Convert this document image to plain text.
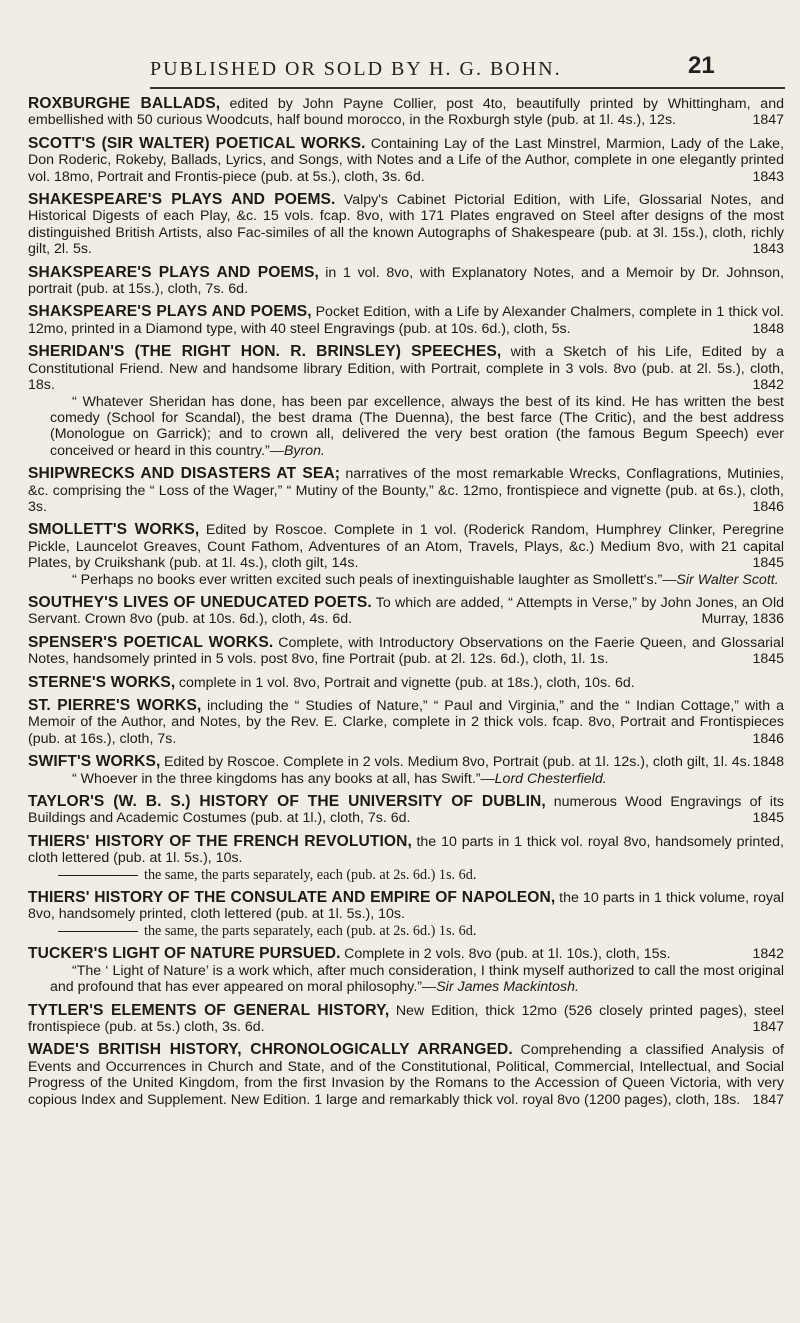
PUBLISHED OR SOLD BY H. G. BOHN.	21
ROXBURGHE BALLADS, edited by John Payne Collier, post 4to, beautifully printed by Whittingham, and embellished with 50 curious Woodcuts, half bound morocco, in the Roxburgh style (pub. at 1l. 4s.), 12s.	1847
SCOTT'S (SIR WALTER) POETICAL WORKS. Containing Lay of the Last Minstrel, Marmion, Lady of the Lake, Don Roderic, Rokeby, Ballads, Lyrics, and Songs, with Notes and a Life of the Author, complete in one elegantly printed vol. 18mo, Portrait and Frontis-piece (pub. at 5s.), cloth, 3s. 6d.	1843
SHAKESPEARE'S PLAYS AND POEMS. Valpy's Cabinet Pictorial Edition, with Life, Glossarial Notes, and Historical Digests of each Play, &c. 15 vols. fcap. 8vo, with 171 Plates engraved on Steel after designs of the most distinguished British Artists, also Fac-similes of all the known Autographs of Shakespeare (pub. at 3l. 15s.), cloth, richly gilt, 2l. 5s.	1843
SHAKSPEARE'S PLAYS AND POEMS, in 1 vol. 8vo, with Explanatory Notes, and a Memoir by Dr. Johnson, portrait (pub. at 15s.), cloth, 7s. 6d.
SHAKSPEARE'S PLAYS AND POEMS, Pocket Edition, with a Life by Alexander Chalmers, complete in 1 thick vol. 12mo, printed in a Diamond type, with 40 steel Engravings (pub. at 10s. 6d.), cloth, 5s.	1848
SHERIDAN'S (THE RIGHT HON. R. BRINSLEY) SPEECHES, with a Sketch of his Life, Edited by a Constitutional Friend. New and handsome library Edition, with Portrait, complete in 3 vols. 8vo (pub. at 2l. 5s.), cloth, 18s.	1842
“ Whatever Sheridan has done, has been par excellence, always the best of its kind. He has written the best comedy (School for Scandal), the best drama (The Duenna), the best farce (The Critic), and the best address (Monologue on Garrick); and to crown all, delivered the very best oration (the famous Begum Speech) ever conceived or heard in this country.”—Byron.
SHIPWRECKS AND DISASTERS AT SEA; narratives of the most remarkable Wrecks, Conflagrations, Mutinies, &c. comprising the “ Loss of the Wager,” “ Mutiny of the Bounty,” &c. 12mo, frontispiece and vignette (pub. at 6s.), cloth, 3s.	1846
SMOLLETT'S WORKS, Edited by Roscoe. Complete in 1 vol. (Roderick Random, Humphrey Clinker, Peregrine Pickle, Launcelot Greaves, Count Fathom, Adventures of an Atom, Travels, Plays, &c.) Medium 8vo, with 21 capital Plates, by Cruikshank (pub. at 1l. 4s.), cloth gilt, 14s.	1845
“ Perhaps no books ever written excited such peals of inextinguishable laughter as Smollett's.”—Sir Walter Scott.
SOUTHEY'S LIVES OF UNEDUCATED POETS. To which are added, “ Attempts in Verse,” by John Jones, an Old Servant. Crown 8vo (pub. at 10s. 6d.), cloth, 4s. 6d.	Murray, 1836
SPENSER'S POETICAL WORKS. Complete, with Introductory Observations on the Faerie Queen, and Glossarial Notes, handsomely printed in 5 vols. post 8vo, fine Portrait (pub. at 2l. 12s. 6d.), cloth, 1l. 1s.	1845
STERNE'S WORKS, complete in 1 vol. 8vo, Portrait and vignette (pub. at 18s.), cloth, 10s. 6d.
ST. PIERRE'S WORKS, including the “ Studies of Nature,” “ Paul and Virginia,” and the “ Indian Cottage,” with a Memoir of the Author, and Notes, by the Rev. E. Clarke, complete in 2 thick vols. fcap. 8vo, Portrait and Frontispieces (pub. at 16s.), cloth, 7s.	1846
SWIFT'S WORKS, Edited by Roscoe. Complete in 2 vols. Medium 8vo, Portrait (pub. at 1l. 12s.), cloth gilt, 1l. 4s. 1848
“ Whoever in the three kingdoms has any books at all, has Swift.”—Lord Chesterfield.
TAYLOR'S (W. B. S.) HISTORY OF THE UNIVERSITY OF DUBLIN, numerous Wood Engravings of its Buildings and Academic Costumes (pub. at 1l.), cloth, 7s. 6d.	1845
THIERS' HISTORY OF THE FRENCH REVOLUTION, the 10 parts in 1 thick vol. royal 8vo, handsomely printed, cloth lettered (pub. at 1l. 5s.), 10s.
the same, the parts separately, each (pub. at 2s. 6d.) 1s. 6d.
THIERS' HISTORY OF THE CONSULATE AND EMPIRE OF NAPOLEON, the 10 parts in 1 thick volume, royal 8vo, handsomely printed, cloth lettered (pub. at 1l. 5s.), 10s.
the same, the parts separately, each (pub. at 2s. 6d.) 1s. 6d.
TUCKER'S LIGHT OF NATURE PURSUED. Complete in 2 vols. 8vo (pub. at 1l. 10s.), cloth, 15s.	1842
“The ‘ Light of Nature’ is a work which, after much consideration, I think myself authorized to call the most original and profound that has ever appeared on moral philosophy.”—Sir James Mackintosh.
TYTLER'S ELEMENTS OF GENERAL HISTORY, New Edition, thick 12mo (526 closely printed pages), steel frontispiece (pub. at 5s.) cloth, 3s. 6d.	1847
WADE'S BRITISH HISTORY, CHRONOLOGICALLY ARRANGED. Comprehending a classified Analysis of Events and Occurrences in Church and State, and of the Constitutional, Political, Commercial, Intellectual, and Social Progress of the United Kingdom, from the first Invasion by the Romans to the Accession of Queen Victoria, with very copious Index and Supplement. New Edition. 1 large and remarkably thick vol. royal 8vo (1200 pages), cloth, 18s. 1847
